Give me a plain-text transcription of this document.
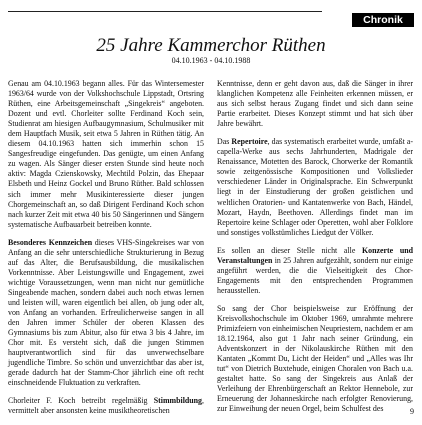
Chronik 1988
25 Jahre Kammerchor Rüthen
04.10.1963 - 04.10.1988

Genau am 04.10.1963 begann alles. Für das Wintersemester 1963/64 wurde von der Volkshochschule Lippstadt, Ortsring Rüthen, eine Arbeitsgemeinschaft „Singekreis“ angeboten. Dozent und evtl. Chorleiter sollte Ferdinand Koch sein, Studienrat am hiesigen Aufbaugymnasium, Schulmusiker mit dem Hauptfach Musik, seit etwa 5 Jahren in Rüthen tätig. An diesem 04.10.1963 hatten sich immerhin schon 15 Sangesfreudige eingefunden. Das genügte, um einen Anfang zu wagen. Als Sänger dieser ersten Stunde sind heute noch aktiv: Magda Czienskowsky, Mechtild Polzin, das Ehepaar Elsbeth und Heinz Gockel und Bruno Rüther. Bald schlossen sich immer mehr Musikinteressierte dieser jungen Chorgemeinschaft an, so daß Dirigent Ferdinand Koch schon nach kurzer Zeit mit etwa 40 bis 50 Sängerinnen und Sängern systematische Aufbauarbeit betreiben konnte.

Besonderes Kennzeichen dieses VHS-Singekreises war von Anfang an die sehr unterschiedliche Strukturierung in Bezug auf das Alter, die Berufsausbildung, die musikalischen Vorkenntnisse. Aber Leistungswille und Engagement, zwei wichtige Voraussetzungen, wenn man nicht nur gemütliche Singeabende machen, sondern dabei auch noch etwas lernen und leisten will, waren eigentlich bei allen, ob jung oder alt, von Anfang an vorhanden. Erfreulicherweise sangen in all den Jahren immer Schüler der oberen Klassen des Gymnasiums bis zum Abitur, also für etwa 3 bis 4 Jahre, im Chor mit. Es versteht sich, daß die jungen Stimmen hauptverantwortlich sind für das unverwechselbare jugendliche Timbre. So schön und unverzichtbar das aber ist, gerade dadurch hat der Stamm-Chor jährlich eine oft recht einschneidende Fluktuation zu verkraften.

Chorleiter F. Koch betreibt regelmäßig Stimmbildung, vermittelt aber ansonsten keine musiktheoretischen

Kenntnisse, denn er geht davon aus, daß die Sänger in ihrer klanglichen Kompetenz alle Feinheiten erkennen müssen, er aus sich selbst heraus Zugang findet und sich dann seine Partie erarbeitet. Dieses Konzept stimmt und hat sich über Jahre bewährt.

Das Repertoire, das systematisch erarbeitet wurde, umfaßt a-capella-Werke aus sechs Jahrhunderten, Madrigale der Renaissance, Motetten des Barock, Chorwerke der Romantik sowie zeitgenössische Kompositionen und Volkslieder verschiedener Länder in Originalsprache. Ein Schwerpunkt liegt in der Einstudierung der großen geistlichen und weltlichen Oratorien- und Kantatenwerke von Bach, Händel, Mozart, Haydn, Beethoven. Allerdings findet man im Repertoire keine Schlager oder Operetten, wohl aber Folklore und sonstiges volkstümliches Liedgut der Völker.

Es sollen an dieser Stelle nicht alle Konzerte und Veranstaltungen in 25 Jahren aufgezählt, sondern nur einige angeführt werden, die die Vielseitigkeit des Chor-Engagements mit den entsprechenden Programmen herausstellen.

So sang der Chor beispielsweise zur Eröffnung der Kreisvolkshochschule im Oktober 1969, umrahmte mehrere Primizfeiern von einheimischen Neupriestern, nachdem er am 18.12.1964, also gut 1 Jahr nach seiner Gründung, ein Adventskonzert in der Nikolauskirche Rüthen mit den Kantaten „Kommt Du, Licht der Heiden“ und „Alles was Ihr tut“ von Dietrich Buxtehude, einigen Choralen von Bach u.a. gestaltet hatte. So sang der Singekreis aus Anlaß der Verleihung der Ehrenbürgerschaft an Rektor Hennebole, zur Erneuerung der Johanneskirche nach erfolgter Renovierung, zur Einweihung der neuen Orgel, beim Schulfest des	9
